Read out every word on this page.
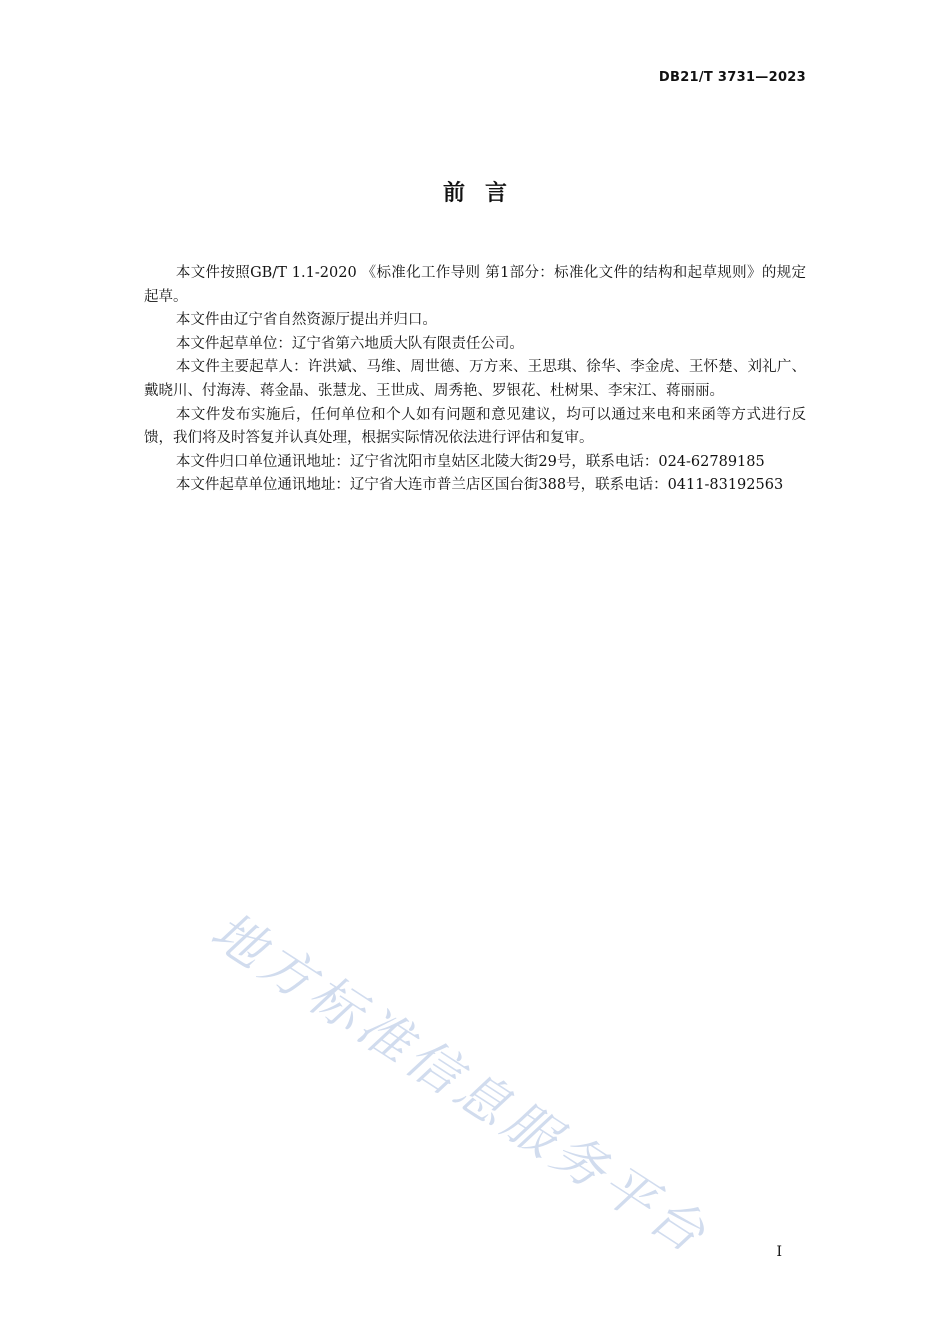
DB21/T 3731—2023
前言

本文件按照GB/T 1.1-2020 《标准化工作导则 第1部分：标准化文件的结构和起草规则》的规定起草。

本文件由辽宁省自然资源厅提出并归口。

本文件起草单位：辽宁省第六地质大队有限责任公司。

本文件主要起草人：许洪斌、马维、周世德、万方来、王思琪、徐华、李金虎、王怀楚、刘礼广、戴晓川、付海涛、蒋金晶、张慧龙、王世成、周秀艳、罗银花、杜树果、李宋江、蒋丽丽。

本文件发布实施后，任何单位和个人如有问题和意见建议，均可以通过来电和来函等方式进行反馈，我们将及时答复并认真处理，根据实际情况依法进行评估和复审。

本文件归口单位通讯地址：辽宁省沈阳市皇姑区北陵大街29号，联系电话：024-62789185

本文件起草单位通讯地址：辽宁省大连市普兰店区国台街388号，联系电话：0411-83192563

地方标准信息服务平台	I
